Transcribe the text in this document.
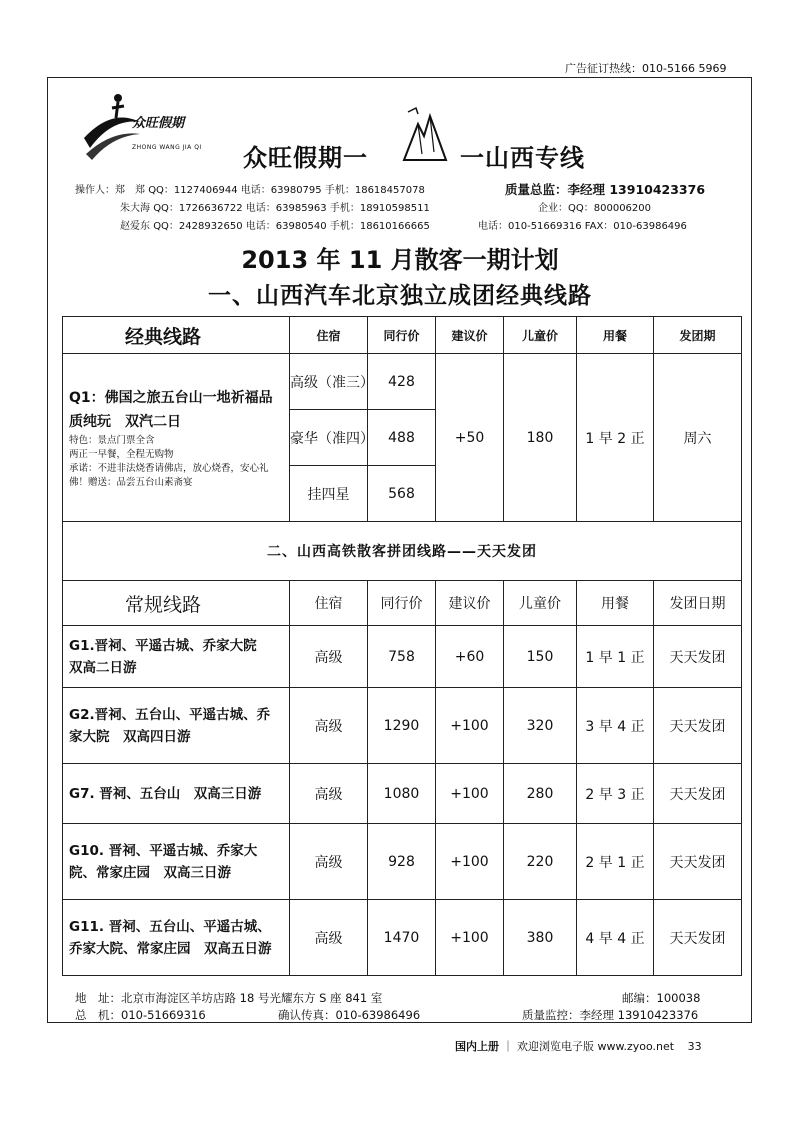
广告征订热线：010-5166 5969
众旺假期
ZHONG WANG JIA QI 众旺假期一	一山西专线
操作人：郑　郑 QQ：1127406944 电话：63980795 手机：18618457078	质量总监：李经理 13910423376
朱大海 QQ：1726636722 电话：63985963 手机：18910598511	企业：QQ：800006200
赵爱东 QQ：2428932650 电话：63980540 手机：18610166665	电话：010-51669316 FAX：010-63986496
2013 年 11 月散客一期计划
一、山西汽车北京独立成团经典线路
经典线路	住宿	同行价	建议价	儿童价	用餐	发团期

Q1：佛国之旅五台山一地祈福品质纯玩　双汽二日
特色：景点门票全含
两正一早餐，全程无购物
承诺：不进非法烧香请佛店，放心烧香，安心礼佛！赠送：品尝五台山素斋宴	高级（准三）	428	+50	180	1 早 2 正	周六
	豪华（准四）	488				
	挂四星	568				
二、山西高铁散客拼团线路——天天发团						
常规线路	住宿	同行价	建议价	儿童价	用餐	发团日期
G1.晋祠、平遥古城、乔家大院　双高二日游	高级	758	+60	150	1 早 1 正	天天发团
G2.晋祠、五台山、平遥古城、乔家大院　双高四日游	高级	1290	+100	320	3 早 4 正	天天发团
G7. 晋祠、五台山　双高三日游	高级	1080	+100	280	2 早 3 正	天天发团
G10. 晋祠、平遥古城、乔家大院、常家庄园　双高三日游	高级	928	+100	220	2 早 1 正	天天发团
G11. 晋祠、五台山、平遥古城、乔家大院、常家庄园　双高五日游	高级	1470	+100	380	4 早 4 正	天天发团
地　址：北京市海淀区羊坊店路 18 号光耀东方 S 座 841 室	邮编：100038
总　机：010-51669316	确认传真：010-63986496	质量监控：李经理 13910423376
国内上册 ｜ 欢迎浏览电子版 www.zyoo.net 33
